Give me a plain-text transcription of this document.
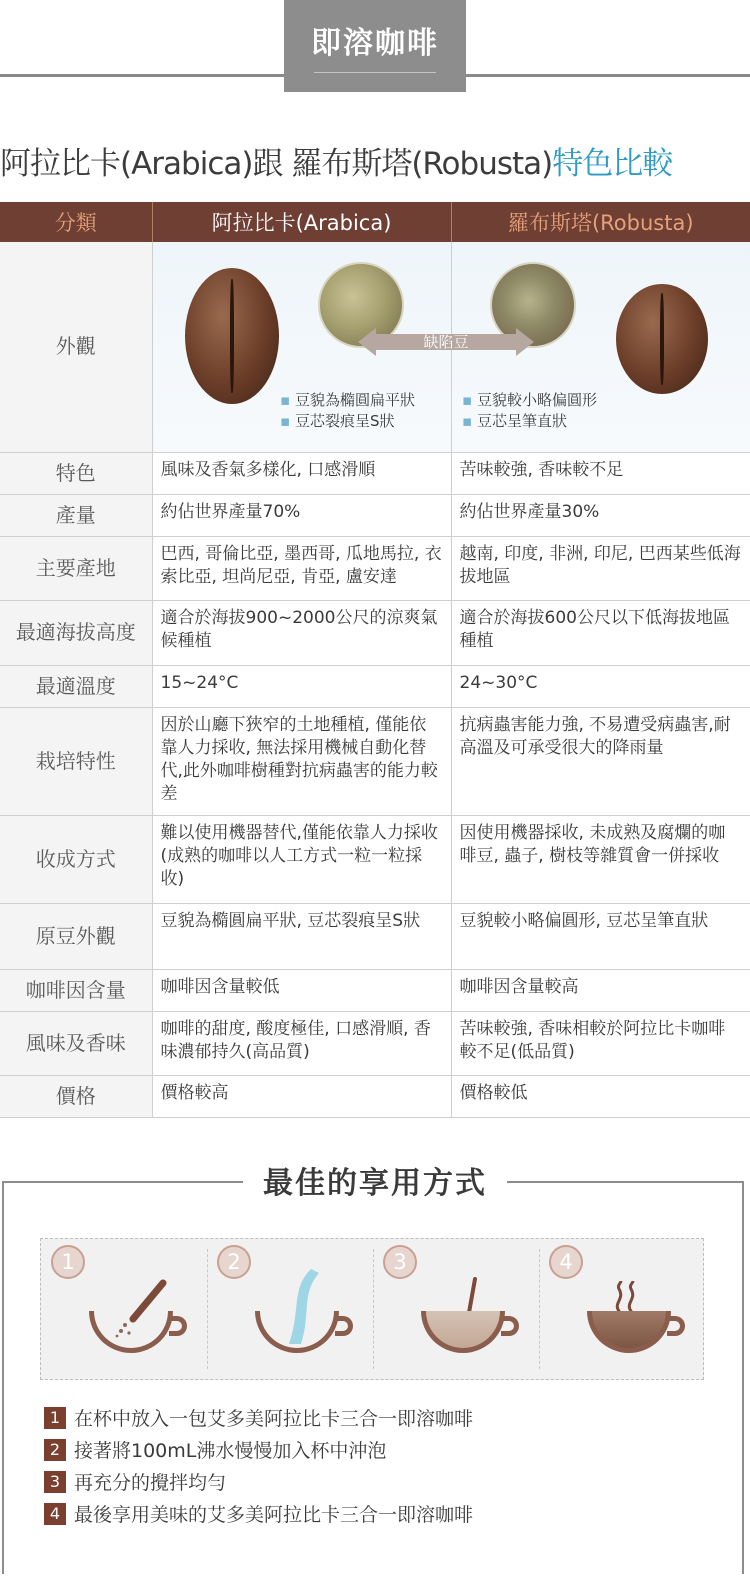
即溶咖啡
阿拉比卡(Arabica)跟 羅布斯塔(Robusta)特色比較
分類	阿拉比卡(Arabica)	羅布斯塔(Robusta)
外觀		
特色	風味及香氣多樣化, 口感滑順	苦味較強, 香味較不足
產量	約佔世界產量70%	約佔世界產量30%
主要產地	巴西, 哥倫比亞, 墨西哥, 瓜地馬拉, 衣索比亞, 坦尚尼亞, 肯亞, 盧安達	越南, 印度, 非洲, 印尼, 巴西某些低海拔地區
最適海拔高度	適合於海拔900~2000公尺的涼爽氣候種植	適合於海拔600公尺以下低海拔地區種植
最適溫度	15~24°C	24~30°C
栽培特性	因於山廳下狹窄的土地種植, 僅能依靠人力採收, 無法採用機械自動化替代,此外咖啡樹種對抗病蟲害的能力較差	抗病蟲害能力強, 不易遭受病蟲害,耐高溫及可承受很大的降雨量
收成方式	難以使用機器替代,僅能依靠人力採收(成熟的咖啡以人工方式一粒一粒採收)	因使用機器採收, 未成熟及腐爛的咖啡豆, 蟲子, 樹枝等雜質會一併採收
原豆外觀	豆貌為橢圓扁平狀, 豆芯裂痕呈S狀	豆貌較小略偏圓形, 豆芯呈筆直狀
咖啡因含量	咖啡因含量較低	咖啡因含量較高
風味及香味	咖啡的甜度, 酸度極佳, 口感滑順, 香味濃郁持久(高品質)	苦味較強, 香味相較於阿拉比卡咖啡較不足(低品質)
價格	價格較高	價格較低
缺陷豆
▪ 豆貌為橢圓扁平狀
▪ 豆芯裂痕呈S狀
▪ 豆貌較小略偏圓形
▪ 豆芯呈筆直狀
最佳的享用方式
1	2	3	4
1 在杯中放入一包艾多美阿拉比卡三合一即溶咖啡
2 接著將100mL沸水慢慢加入杯中沖泡
3 再充分的攪拌均勻
4 最後享用美味的艾多美阿拉比卡三合一即溶咖啡
